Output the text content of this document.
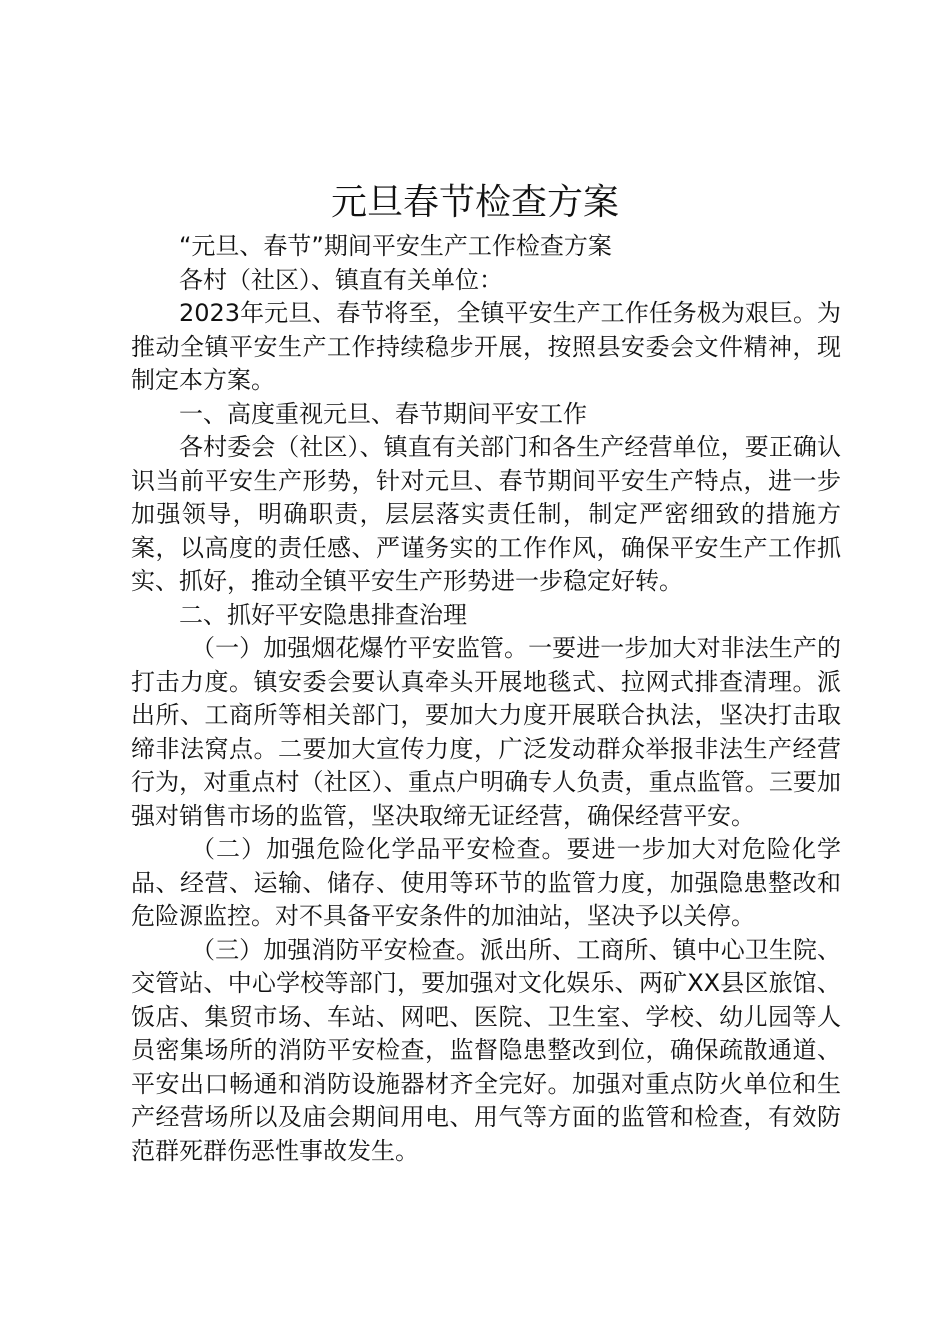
元旦春节检查方案

“元旦、春节”期间平安生产工作检查方案

各村（社区）、镇直有关单位：

2023年元旦、春节将至，全镇平安生产工作任务极为艰巨。为推动全镇平安生产工作持续稳步开展，按照县安委会文件精神，现制定本方案。

一、高度重视元旦、春节期间平安工作

各村委会（社区）、镇直有关部门和各生产经营单位，要正确认识当前平安生产形势，针对元旦、春节期间平安生产特点，进一步加强领导，明确职责，层层落实责任制，制定严密细致的措施方案，以高度的责任感、严谨务实的工作作风，确保平安生产工作抓实、抓好，推动全镇平安生产形势进一步稳定好转。

二、抓好平安隐患排查治理

（一）加强烟花爆竹平安监管。一要进一步加大对非法生产的打击力度。镇安委会要认真牵头开展地毯式、拉网式排查清理。派出所、工商所等相关部门，要加大力度开展联合执法，坚决打击取缔非法窝点。二要加大宣传力度，广泛发动群众举报非法生产经营行为，对重点村（社区）、重点户明确专人负责，重点监管。三要加强对销售市场的监管，坚决取缔无证经营，确保经营平安。

（二）加强危险化学品平安检查。要进一步加大对危险化学品、经营、运输、储存、使用等环节的监管力度，加强隐患整改和危险源监控。对不具备平安条件的加油站，坚决予以关停。

（三）加强消防平安检查。派出所、工商所、镇中心卫生院、交管站、中心学校等部门，要加强对文化娱乐、两矿XX县区旅馆、饭店、集贸市场、车站、网吧、医院、卫生室、学校、幼儿园等人员密集场所的消防平安检查，监督隐患整改到位，确保疏散通道、平安出口畅通和消防设施器材齐全完好。加强对重点防火单位和生产经营场所以及庙会期间用电、用气等方面的监管和检查，有效防范群死群伤恶性事故发生。
